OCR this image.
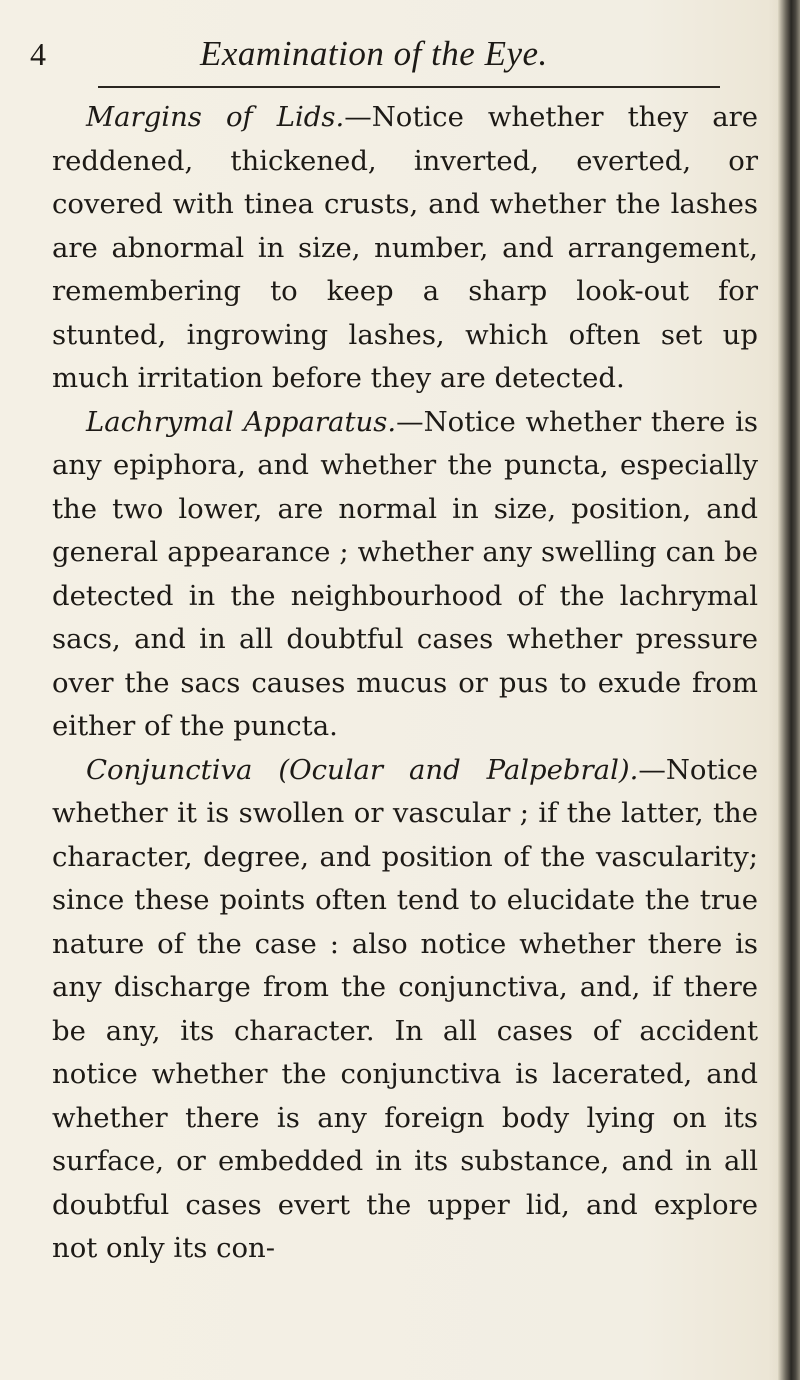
4	Examination of the Eye.

Margins of Lids.—Notice whether they are reddened, thickened, inverted, everted, or covered with tinea crusts, and whether the lashes are abnormal in size, number, and arrangement, remembering to keep a sharp look-out for stunted, ingrowing lashes, which often set up much irritation before they are detected.

Lachrymal Apparatus.—Notice whether there is any epiphora, and whether the puncta, especially the two lower, are normal in size, position, and general appearance ; whether any swelling can be detected in the neighbourhood of the lachrymal sacs, and in all doubtful cases whether pressure over the sacs causes mucus or pus to exude from either of the puncta.

Conjunctiva (Ocular and Palpebral).—Notice whether it is swollen or vascular ; if the latter, the character, degree, and position of the vascularity; since these points often tend to elucidate the true nature of the case : also notice whether there is any discharge from the conjunctiva, and, if there be any, its character. In all cases of accident notice whether the conjunctiva is lacerated, and whether there is any foreign body lying on its surface, or embedded in its substance, and in all doubtful cases evert the upper lid, and explore not only its con-
